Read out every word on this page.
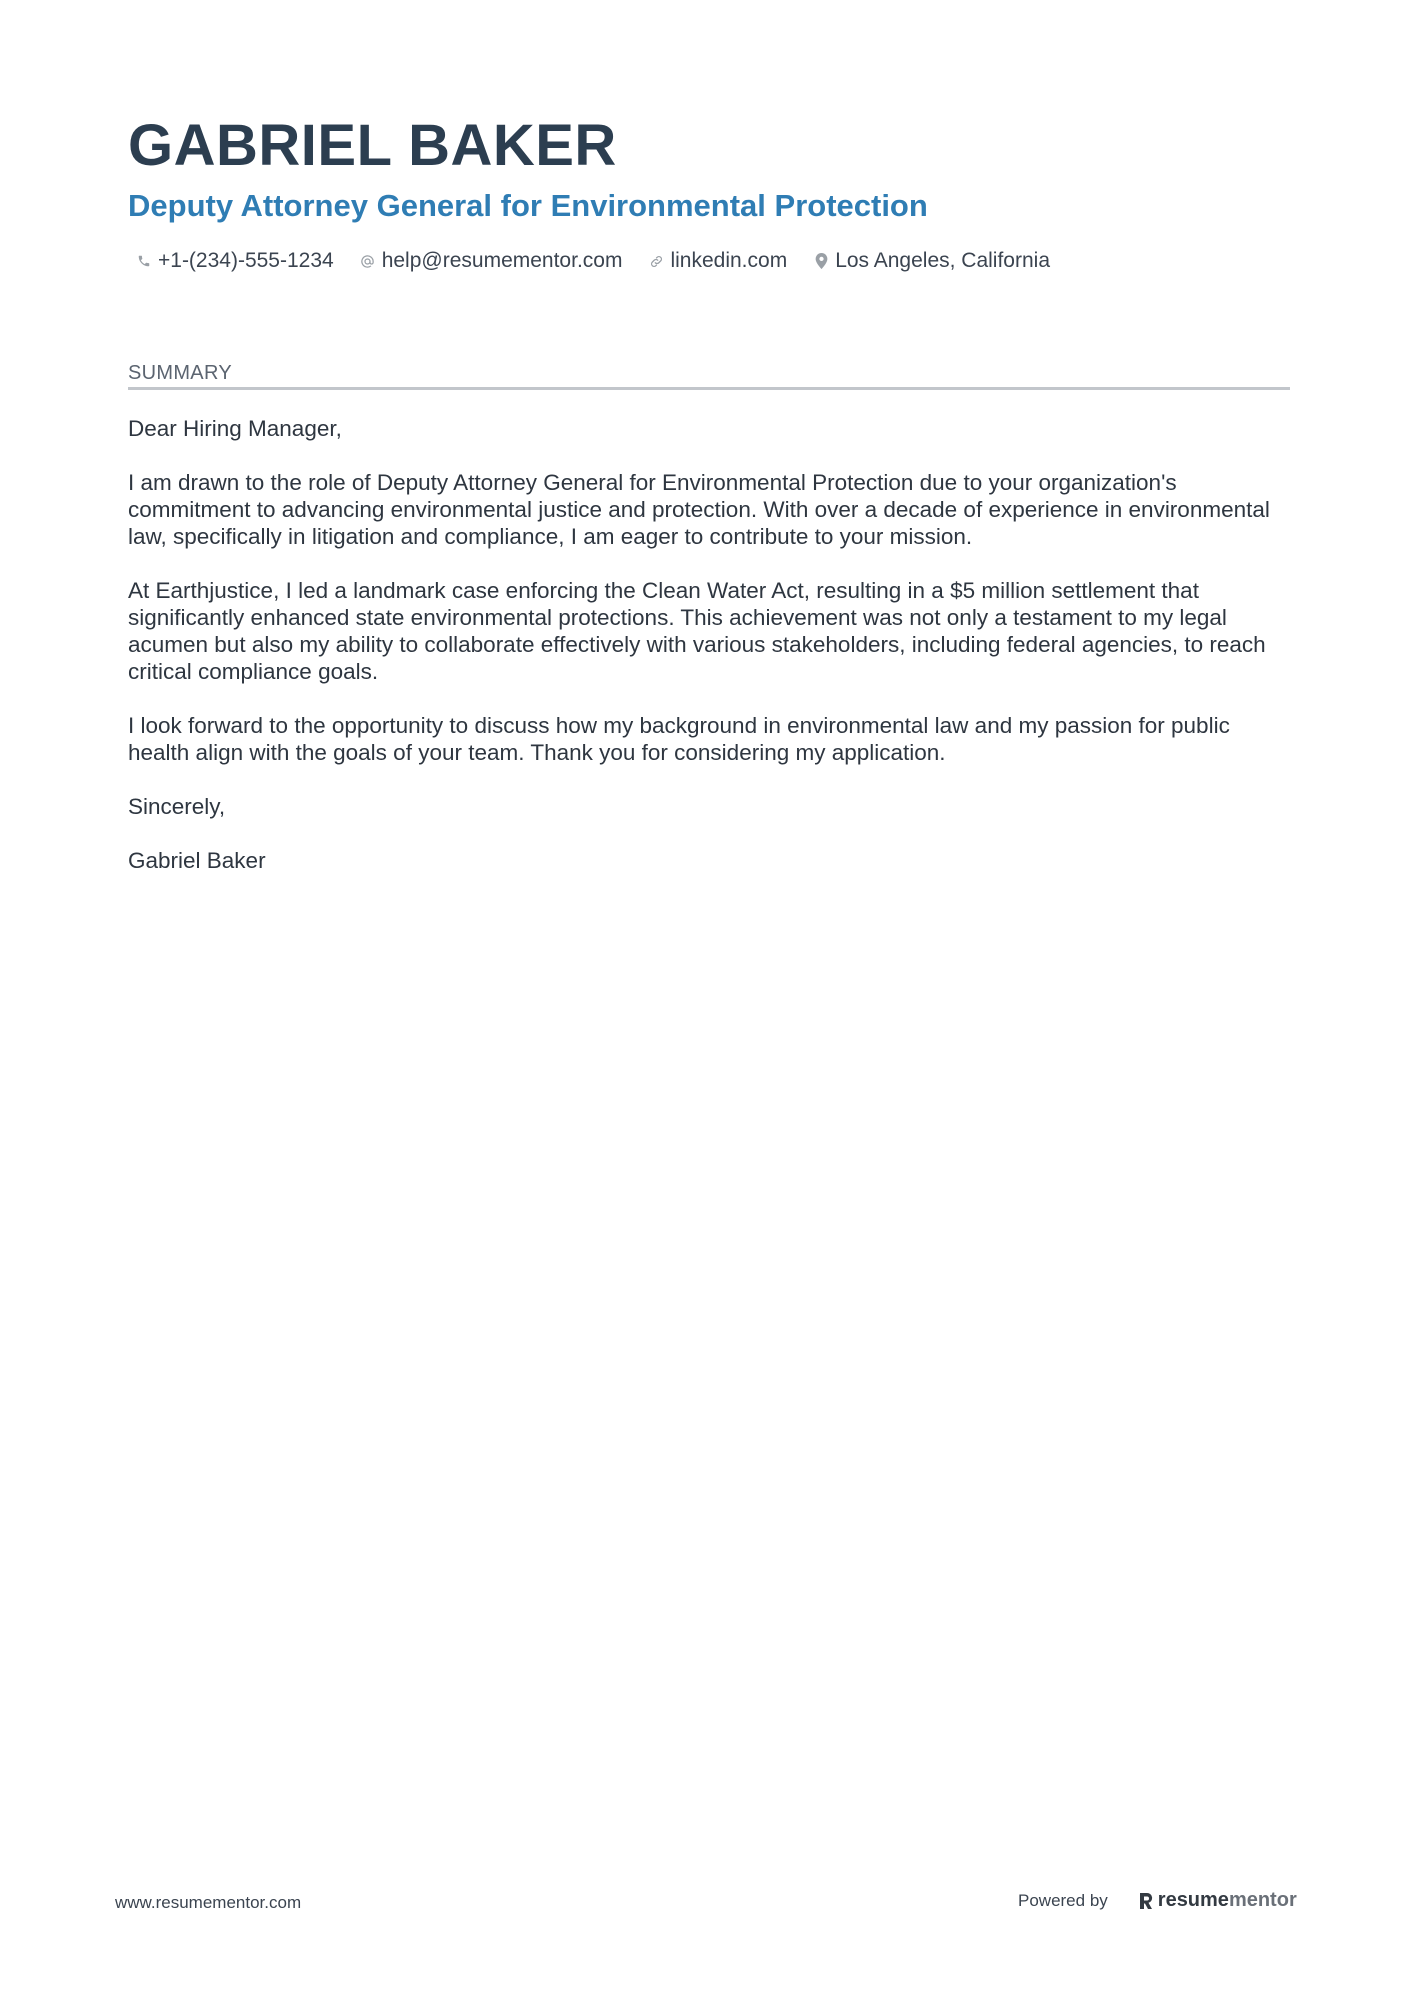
GABRIEL BAKER
Deputy Attorney General for Environmental Protection
+1-(234)-555-1234 help@resumementor.com linkedin.com Los Angeles, California
SUMMARY

Dear Hiring Manager,

I am drawn to the role of Deputy Attorney General for Environmental Protection due to your organization's commitment to advancing environmental justice and protection. With over a decade of experience in environmental law, specifically in litigation and compliance, I am eager to contribute to your mission.

At Earthjustice, I led a landmark case enforcing the Clean Water Act, resulting in a $5 million settlement that significantly enhanced state environmental protections. This achievement was not only a testament to my legal acumen but also my ability to collaborate effectively with various stakeholders, including federal agencies, to reach critical compliance goals.

I look forward to the opportunity to discuss how my background in environmental law and my passion for public health align with the goals of your team. Thank you for considering my application.

Sincerely,

Gabriel Baker

www.resumementor.com	Powered by	resume mentor
